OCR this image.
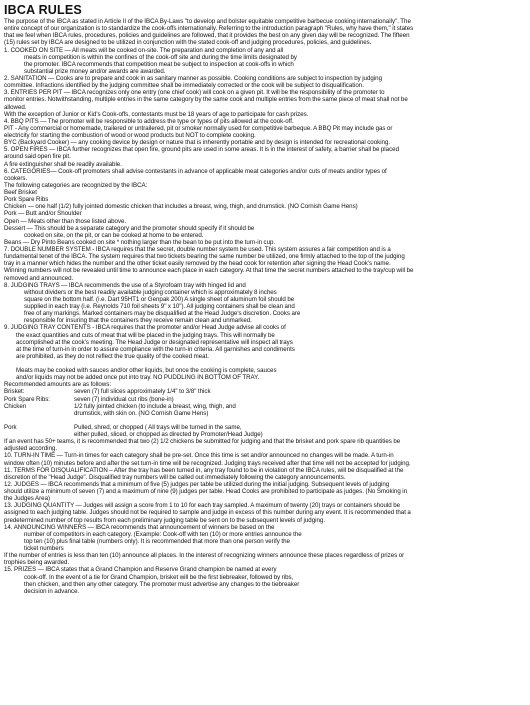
IBCA RULES

The purpose of the IBCA as stated in Article II of the IBCA By-Laws "to develop and bolster equitable competitive barbecue cooking internationally". The

entire concept of our organization is to standardize the cook-offs internationally. Referring to the introduction paragraph "Rules, why have them," it states

that we feel when IBCA rules, procedures, policies and guidelines are followed, that it provides the best on any given day will be recognized. The fifteen

(15) rules set by IBCA are designed to be utilized in conjunction with the stated cook-off and judging procedures, policies, and guidelines.

1. COOKED ON SITE — All meats will be cooked on-site. The preparation and completion of any and all

meats in competition is within the confines of the cook-off site and during the time limits designated by

the promoter. IBCA recommends that competition meat be subject to inspection at cook-offs in which

substantial prize money and/or awards are awarded.

2. SANITATION — Cooks are to prepare and cook in as sanitary manner as possible. Cooking conditions are subject to inspection by judging

committee. Infractions identified by the judging committee shall be immediately corrected or the cook will be subject to disqualification.

3. ENTRIES PER PIT — IBCA recognizes only one entry (one chief cook) will cook on a given pit. It will be the responsibility of the promoter to

monitor entries. Notwithstanding, multiple entries in the same category by the same cook and multiple entries from the same piece of meat shall not be

allowed.

With the exception of Junior or Kid's Cook-offs, contestants must be 18 years of age to participate for cash prizes.

4. BBQ PITS — The promoter will be responsible to address the type or types of pits allowed at the cook-off.

PIT - Any commercial or homemade, trailered or untrailered, pit or smoker normally used for competitive barbeque. A BBQ Pit may include gas or

electricity for starting the combustion of wood or wood products but NOT to complete cooking.

BYC (Backyard Cooker) — any cooking device by design or nature that is inherently portable and by design is intended for recreational cooking.

5. OPEN FIRES — IBCA further recognizes that open fire, ground pits are used in some areas. It is in the interest of safety, a barrier shall be placed

around said open fire pit.

A fire extinguisher shall be readily available.

6. CATEGORIES— Cook-off promoters shall advise contestants in advance of applicable meat categories and/or cuts of meats and/or types of

cookers.

The following categories are recognized by the IBCA:

Beef Brisket

Pork Spare Ribs

Chicken — one half (1/2) fully jointed domestic chicken that includes a breast, wing, thigh, and drumstick. (NO Cornish Game Hens)

Pork — Butt and/or Shoulder

Open — Meats other than those listed above.

Dessert — This should be a separate category and the promoter should specify if it should be

cooked on site, on the pit, or can be cooked at home to be entered.

Beans — Dry Pinto Beans cooked on site * nothing larger than the bean to be put into the turn-in cup.

7. DOUBLE NUMBER SYSTEM - IBCA requires that the secret, double number system be used. This system assures a fair competition and is a

fundamental tenet of the IBCA. The system requires that two tickets bearing the same number be utilized, one firmly attached to the top of the judging

tray in a manner which hides the number and the other ticket easily removed by the head cook for retention after signing the Head Cook's name.

Winning numbers will not be revealed until time to announce each place in each category. At that time the secret numbers attached to the tray/cup will be

removed and announced.

8. JUDGING TRAYS — IBCA recommends the use of a Styrofoam tray with hinged lid and

without dividers or the best readily available judging container which is approximately 8 inches

square on the bottom half. (i.e. Dart 95HT1 or Genpak 200) A single sheet of aluminum foil should be

supplied in each tray (i.e. Reynolds 710 foil sheets 9" x 10"). All judging containers shall be clean and

free of any markings. Marked containers may be disqualified at the Head Judge's discretion. Cooks are

responsible for insuring that the containers they receive remain clean and unmarked.

9. JUDGING TRAY CONTENTS - IBCA requires that the promoter and/or Head Judge advise all cooks of

the exact quantities and cuts of meat that will be placed in the judging trays. This will normally be

accomplished at the cook's meeting. The Head Judge or designated representative will inspect all trays

at the time of turn-in in order to assure compliance with the turn-in criteria. All garnishes and condiments

are prohibited, as they do not reflect the true quality of the cooked meat.

Meats may be cooked with sauces and/or other liquids, but once the cooking is complete, sauces

and/or liquids may not be added once put into tray. NO PUDDLING IN BOTTOM OF TRAY.

Recommended amounts are as follows:

Brisket:	seven (7) full slices approximately 1/4" to 3/8" thick
Pork Spare Ribs:	seven (7) individual cut ribs (bone-in)
Chicken	1/2 fully jointed chicken (to include a breast, wing, thigh, and
drumstick, with skin on. (NO Cornish Game Hens)
Pork	Pulled, shred, or chopped ( All trays will be turned in the same,
either pulled, sliced, or chopped as directed by Promoter/Head Judge)

If an event has 50+ teams, it is recommended that two (2) 1/2 chickens be submitted for judging and that the brisket and pork spare rib quantities be

adjusted according.

10. TURN-IN TIME — Turn-in times for each category shall be pre-set. Once this time is set and/or announced no changes will be made. A turn-in

window often (10) minutes before and after the set turn-in time will be recognized. Judging trays received after that time will not be accepted for judging.

11. TERMS FOR DISQUALIFICATION – After the tray has been turned in, any tray found to be in violation of the IBCA rules, will be disqualified at the

discretion of the "Head Judge". Disqualified tray numbers will be called out immediately following the category announcements.

12. JUDGES — IBCA recommends that a minimum of five (5) judges per table be utilized during the initial judging. Subsequent levels of judging

should utilize a minimum of seven (7) and a maximum of nine (9) judges per table. Head Cooks are prohibited to participate as judges. (No Smoking in

the Judges Area)

13. JUDGING QUANTITY — Judges will assign a score from 1 to 10 for each tray sampled. A maximum of twenty (20) trays or containers should be

assigned to each judging table. Judges should not be required to sample and judge in excess of this number during any event. It is recommended that a

predetermined number of top results from each preliminary judging table be sent on to the subsequent levels of judging.

14. ANNOUNCING WINNERS — IBCA recommends that announcement of winners be based on the

number of competitors in each category. (Example: Cook-off with ten (10) or more entries announce the

top ten (10) plus final table (numbers only). It is recommended that more than one person verify the

ticket numbers

If the number of entries is less than ten (10) announce all places. In the interest of recognizing winners announce these places regardless of prizes or

trophies being awarded.

15. PRIZES — IBCA states that a Grand Champion and Reserve Grand champion be named at every

cook-off. In the event of a tie for Grand Champion, brisket will be the first tiebreaker, followed by ribs,

then chicken, and then any other category. The promoter must advertise any changes to the tiebreaker

decision in advance.
